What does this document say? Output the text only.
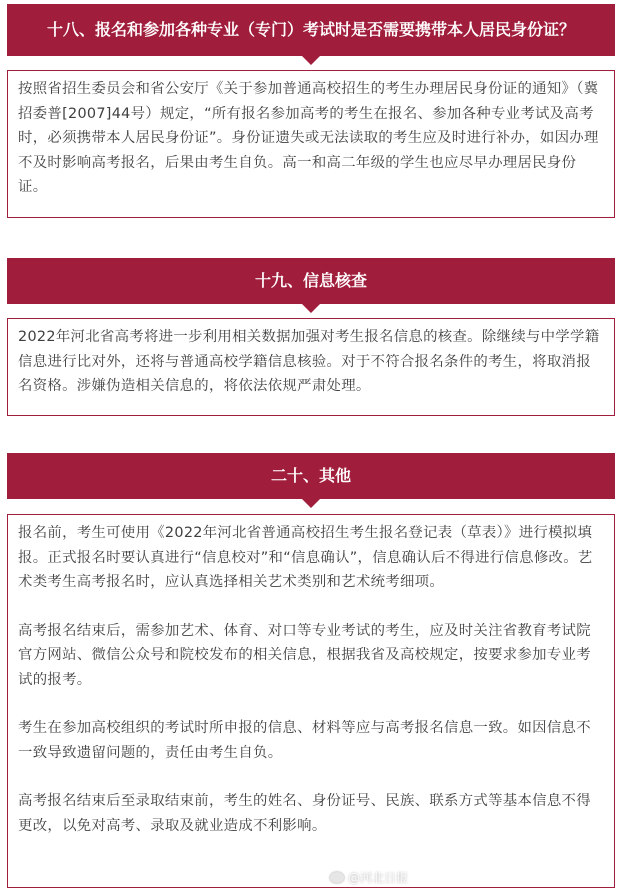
十八、报名和参加各种专业（专门）考试时是否需要携带本人居民身份证？

按照省招生委员会和省公安厅《关于参加普通高校招生的考生办理居民身份证的通知》（冀招委普[2007]44号）规定，“所有报名参加高考的考生在报名、参加各种专业考试及高考时，必须携带本人居民身份证”。身份证遗失或无法读取的考生应及时进行补办，如因办理不及时影响高考报名，后果由考生自负。高一和高二年级的学生也应尽早办理居民身份证。

十九、信息核查

2022年河北省高考将进一步利用相关数据加强对考生报名信息的核查。除继续与中学学籍信息进行比对外，还将与普通高校学籍信息核验。对于不符合报名条件的考生，将取消报名资格。涉嫌伪造相关信息的，将依法依规严肃处理。

二十、其他

报名前，考生可使用《2022年河北省普通高校招生考生报名登记表（草表）》进行模拟填报。正式报名时要认真进行“信息校对”和“信息确认”，信息确认后不得进行信息修改。艺术类考生高考报名时，应认真选择相关艺术类别和艺术统考细项。

高考报名结束后，需参加艺术、体育、对口等专业考试的考生，应及时关注省教育考试院官方网站、微信公众号和院校发布的相关信息，根据我省及高校规定，按要求参加专业考试的报考。

考生在参加高校组织的考试时所申报的信息、材料等应与高考报名信息一致。如因信息不一致导致遗留问题的，责任由考生自负。

高考报名结束后至录取结束前，考生的姓名、身份证号、民族、联系方式等基本信息不得更改，以免对高考、录取及就业造成不利影响。

@河北日报
